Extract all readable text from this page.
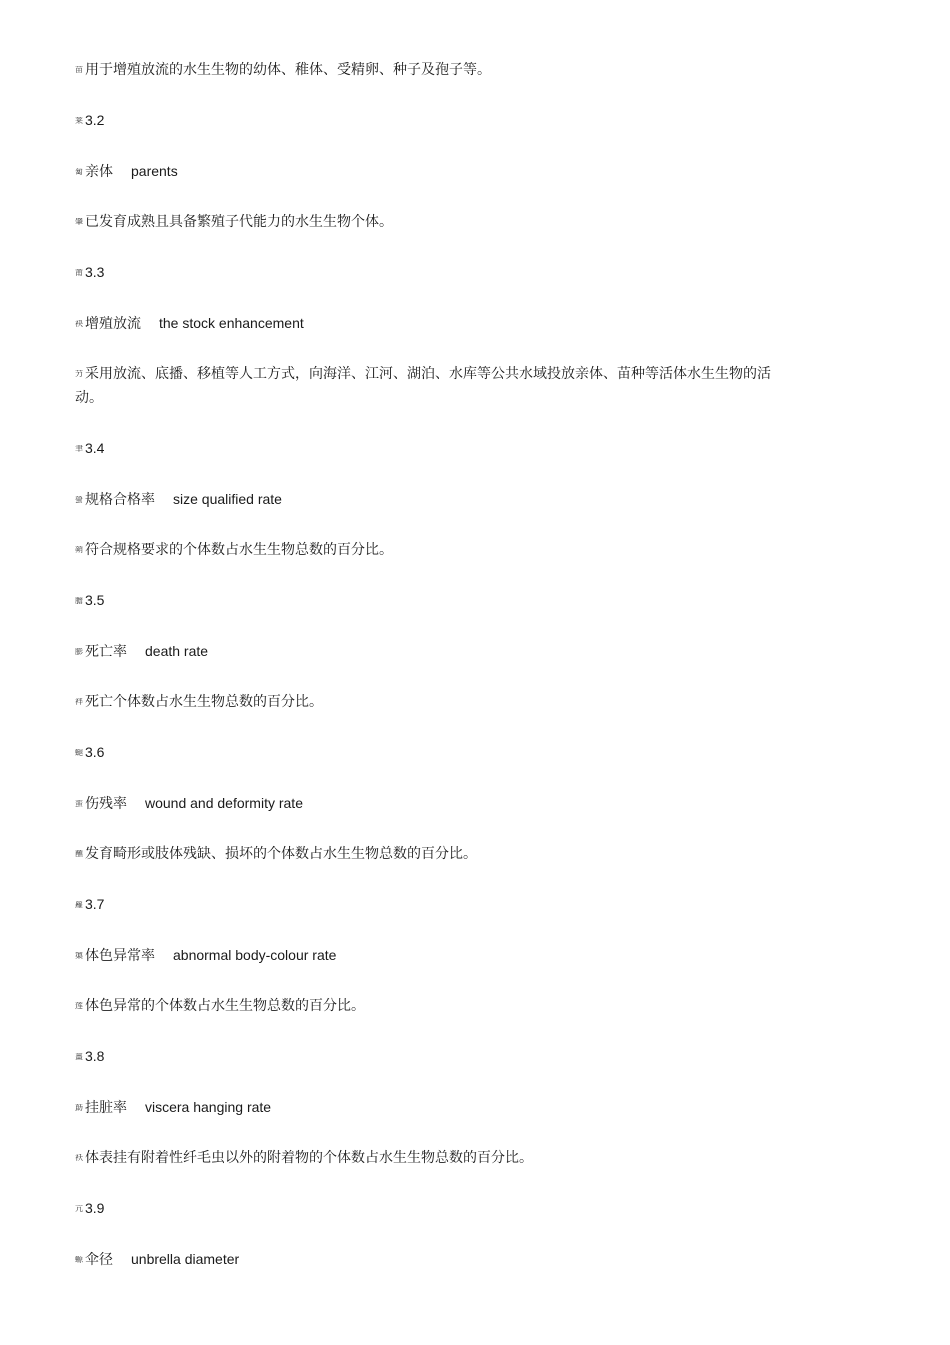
苗 用于增殖放流的水生生物的幼体、稚体、受精卵、种子及孢子等。

莱 3.2

蔔 亲体 parents

肇 已发育成熟且具备繁殖子代能力的水生生物个体。

莆 3.3

袂 增殖放流 the stock enhancement

芀 采用放流、底播、移植等人工方式，向海洋、江河、湖泊、水库等公共水域投放亲体、苗种等活体水生生物的活动。

聿 3.4

螢 规格合格率 size qualified rate

蒴 符合规格要求的个体数占水生生物总数的百分比。

膽 3.5

膨 死亡率 death rate

袢 死亡个体数占水生生物总数的百分比。

螁 3.6

蛮 伤残率 wound and deformity rate

蘸 发育畸形或肢体残缺、损坏的个体数占水生生物总数的百分比。

蘿 3.7

蕖 体色异常率 abnormal body-colour rate

莲 体色异常的个体数占水生生物总数的百分比。

薑 3.8

莇 挂脏率 viscera hanging rate

袄 体表挂有附着性纤毛虫以外的附着物的个体数占水生生物总数的百分比。

亢 3.9

螈 伞径 unbrella diameter
